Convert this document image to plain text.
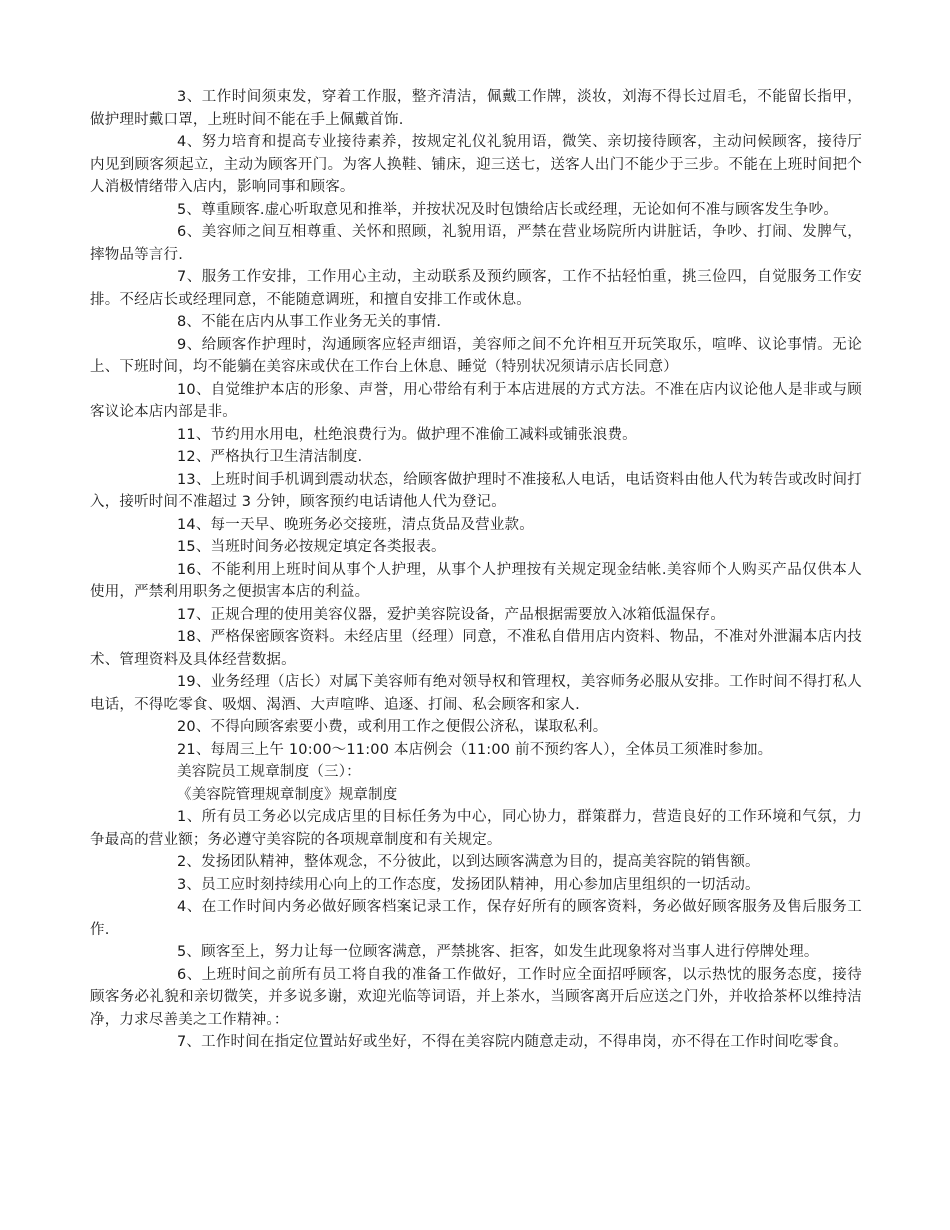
3、工作时间须束发，穿着工作服，整齐清洁，佩戴工作牌，淡妆，刘海不得长过眉毛，不能留长指甲，做护理时戴口罩，上班时间不能在手上佩戴首饰.

4、努力培育和提高专业接待素养，按规定礼仪礼貌用语，微笑、亲切接待顾客，主动问候顾客，接待厅内见到顾客须起立，主动为顾客开门。为客人换鞋、铺床，迎三送七，送客人出门不能少于三步。不能在上班时间把个人消极情绪带入店内，影响同事和顾客。

5、尊重顾客.虚心听取意见和推举，并按状况及时包馈给店长或经理，无论如何不准与顾客发生争吵。

6、美容师之间互相尊重、关怀和照顾，礼貌用语，严禁在营业场院所内讲脏话，争吵、打闹、发脾气，摔物品等言行.

7、服务工作安排，工作用心主动，主动联系及预约顾客，工作不拈轻怕重，挑三俭四，自觉服务工作安排。不经店长或经理同意，不能随意调班，和擅自安排工作或休息。

8、不能在店内从事工作业务无关的事情.

9、给顾客作护理时，沟通顾客应轻声细语，美容师之间不允许相互开玩笑取乐，喧哗、议论事情。无论上、下班时间，均不能躺在美容床或伏在工作台上休息、睡觉（特别状况须请示店长同意）

10、自觉维护本店的形象、声誉，用心带给有利于本店进展的方式方法。不准在店内议论他人是非或与顾客议论本店内部是非。

11、节约用水用电，杜绝浪费行为。做护理不准偷工减料或铺张浪费。

12、严格执行卫生清洁制度.

13、上班时间手机调到震动状态，给顾客做护理时不准接私人电话，电话资料由他人代为转告或改时间打入，接听时间不准超过 3 分钟，顾客预约电话请他人代为登记。

14、每一天早、晚班务必交接班，清点货品及营业款。

15、当班时间务必按规定填定各类报表。

16、不能利用上班时间从事个人护理，从事个人护理按有关规定现金结帐.美容师个人购买产品仅供本人使用，严禁利用职务之便损害本店的利益。

17、正规合理的使用美容仪器，爱护美容院设备，产品根据需要放入冰箱低温保存。

18、严格保密顾客资料。未经店里（经理）同意，不准私自借用店内资料、物品，不准对外泄漏本店内技术、管理资料及具体经营数据。

19、业务经理（店长）对属下美容师有绝对领导权和管理权，美容师务必服从安排。工作时间不得打私人电话，不得吃零食、吸烟、渴酒、大声喧哗、追逐、打闹、私会顾客和家人.

20、不得向顾客索要小费，或利用工作之便假公济私，谋取私利。

21、每周三上午 10:00～11:00 本店例会（11:00 前不预约客人），全体员工须准时参加。

美容院员工规章制度（三）：

《美容院管理规章制度》规章制度

1、所有员工务必以完成店里的目标任务为中心，同心协力，群策群力，营造良好的工作环境和气氛，力争最高的营业额；务必遵守美容院的各项规章制度和有关规定。

2、发扬团队精神，整体观念，不分彼此，以到达顾客满意为目的，提高美容院的销售额。

3、员工应时刻持续用心向上的工作态度，发扬团队精神，用心参加店里组织的一切活动。

4、在工作时间内务必做好顾客档案记录工作，保存好所有的顾客资料，务必做好顾客服务及售后服务工作.

5、顾客至上，努力让每一位顾客满意，严禁挑客、拒客，如发生此现象将对当事人进行停牌处理。

6、上班时间之前所有员工将自我的准备工作做好，工作时应全面招呼顾客，以示热忱的服务态度，接待顾客务必礼貌和亲切微笑，并多说多谢，欢迎光临等词语，并上茶水，当顾客离开后应送之门外，并收拾茶杯以维持洁净，力求尽善美之工作精神。：

7、工作时间在指定位置站好或坐好，不得在美容院内随意走动，不得串岗，亦不得在工作时间吃零食。
